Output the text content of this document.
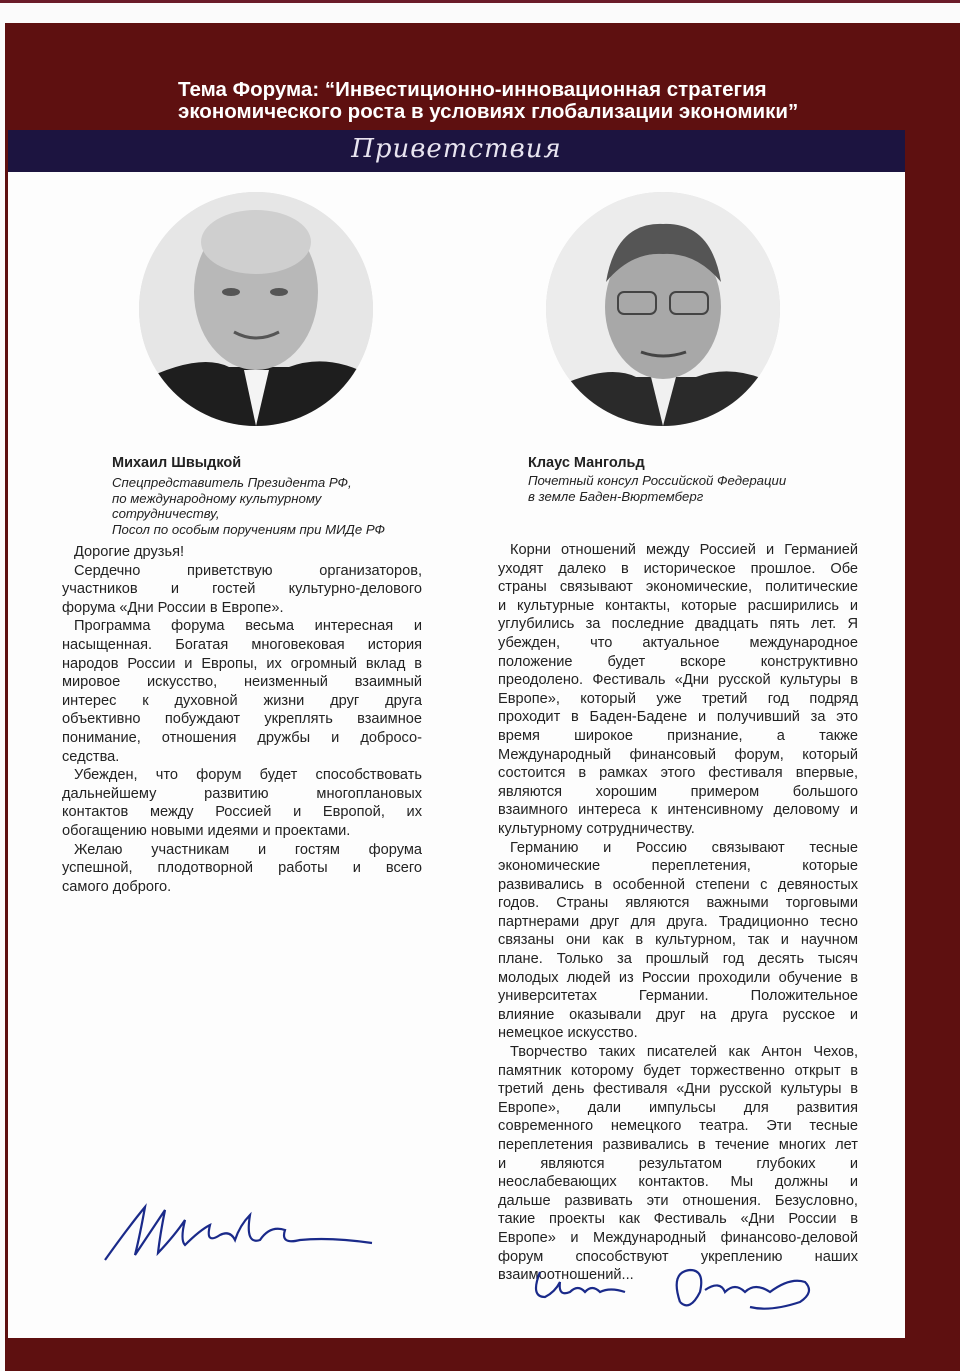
Тема Форума: “Инвестиционно-инновационная стратегия
экономического роста в условиях глобализации экономики”
Приветствия
Михаил Швыдкой
Спецпредставитель Президента РФ,
по международному культурному
сотрудничеству,
Посол по особым поручениям при МИДе РФ
Клаус Мангольд
Почетный консул Российской Федерации
в земле Баден-Вюртемберг
Дорогие друзья!
Сердечно приветствую организаторов,
участников и гостей культурно-делового
форума «Дни России в Европе».
Программа форума весьма интересная и
насыщенная. Богатая многовековая история
народов России и Европы, их огромный вклад в
мировое искусство, неизменный взаимный
интерес к духовной жизни друг друга
объективно побуждают укреплять взаимное
понимание, отношения дружбы и добросо-
седства.
Убежден, что форум будет способствовать
дальнейшему развитию многоплановых
контактов между Россией и Европой, их
обогащению новыми идеями и проектами.
Желаю участникам и гостям форума
успешной, плодотворной работы и всего
самого доброго.
Корни отношений между Россией и Германией
уходят далеко в историческое прошлое. Обе
страны связывают экономические, политические
и культурные контакты, которые расширились и
углубились за последние двадцать пять лет. Я
убежден, что актуальное международное
положение будет вскоре конструктивно
преодолено. Фестиваль «Дни русской культуры в
Европе», который уже третий год подряд
проходит в Баден-Бадене и получивший за это
время широкое признание, а также
Международный финансовый форум, который
состоится в рамках этого фестиваля впервые,
являются хорошим примером большого
взаимного интереса к интенсивному деловому и
культурному сотрудничеству.
Германию и Россию связывают тесные
экономические переплетения, которые
развивались в особенной степени с девяностых
годов. Страны являются важными торговыми
партнерами друг для друга. Традиционно тесно
связаны они как в культурном, так и научном
плане. Только за прошлый год десять тысяч
молодых людей из России проходили обучение в
университетах Германии. Положительное
влияние оказывали друг на друга русское и
немецкое искусство.
Творчество таких писателей как Антон Чехов,
памятник которому будет торжественно открыт в
третий день фестиваля «Дни русской культуры в
Европе», дали импульсы для развития
современного немецкого театра. Эти тесные
переплетения развивались в течение многих лет
и являются результатом глубоких и
неослабевающих контактов. Мы должны и
дальше развивать эти отношения. Безусловно,
такие проекты как Фестиваль «Дни России в
Европе» и Международный финансово-деловой
форум способствуют укреплению наших
взаимоотношений...
